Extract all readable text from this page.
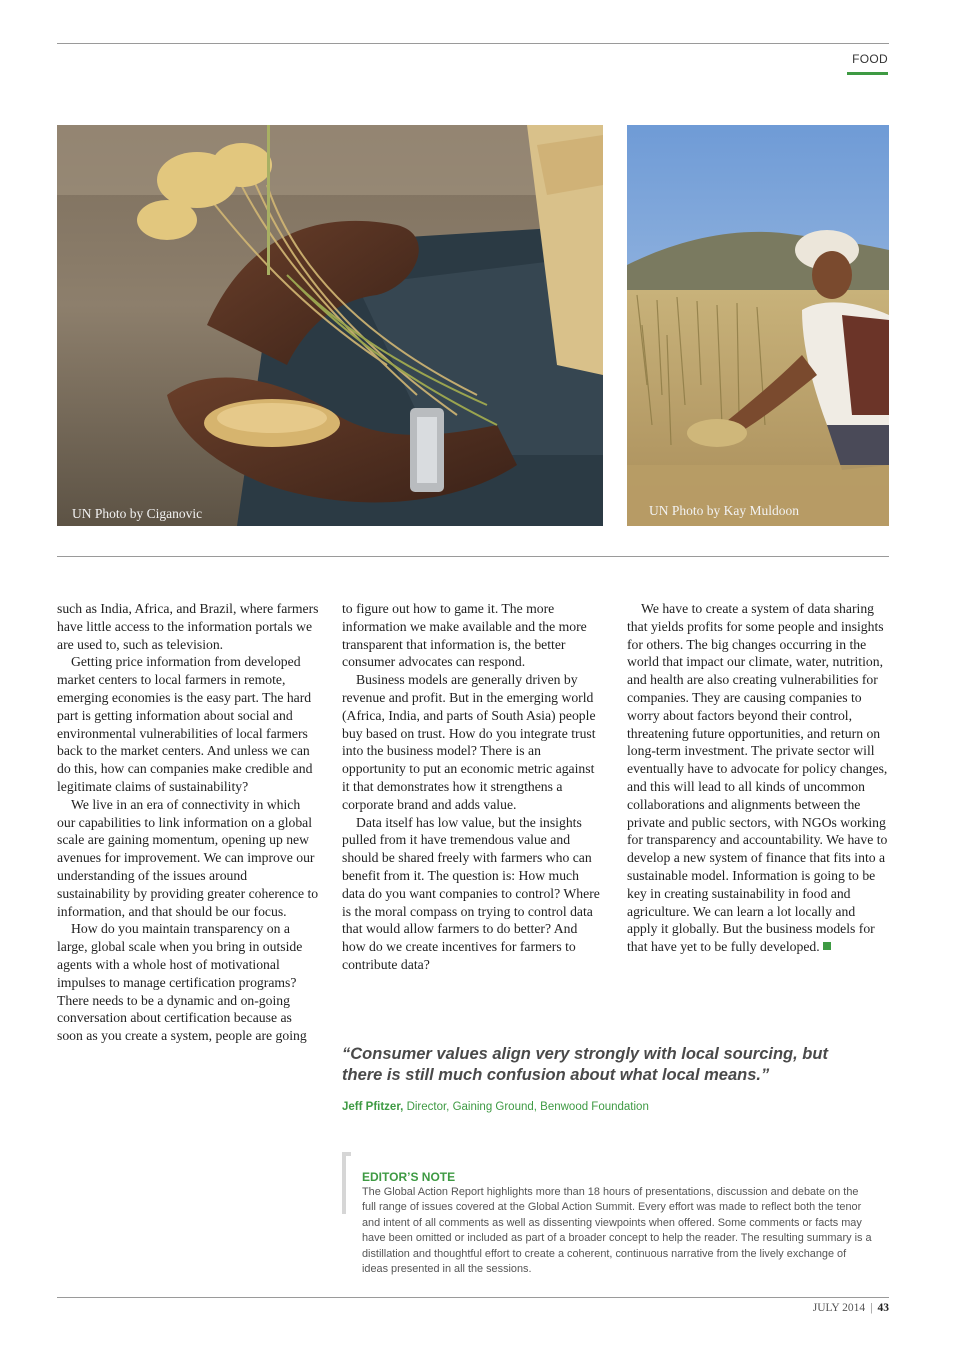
FOOD
UN Photo by Ciganovic	UN Photo by Kay Muldoon

such as India, Africa, and Brazil, where farmers have little access to the information portals we are used to, such as television.

Getting price information from developed market centers to local farmers in remote, emerging economies is the easy part. The hard part is getting information about social and environmental vulnerabilities of local farmers back to the market centers. And unless we can do this, how can companies make credible and legitimate claims of sustainability?

We live in an era of connectivity in which our capabilities to link information on a global scale are gaining momentum, opening up new avenues for improvement. We can improve our understanding of the issues around sustainability by providing greater coherence to information, and that should be our focus.

How do you maintain transparency on a large, global scale when you bring in outside agents with a whole host of motivational impulses to manage certification programs? There needs to be a dynamic and on-going conversation about certification because as soon as you create a system, people are going

to figure out how to game it. The more information we make available and the more transparent that information is, the better consumer advocates can respond.

Business models are generally driven by revenue and profit. But in the emerging world (Africa, India, and parts of South Asia) people buy based on trust. How do you integrate trust into the business model? There is an opportunity to put an economic metric against it that demonstrates how it strengthens a corporate brand and adds value.

Data itself has low value, but the insights pulled from it have tremendous value and should be shared freely with farmers who can benefit from it. The question is: How much data do you want companies to control? Where is the moral compass on trying to control data that would allow farmers to do better? And how do we create incentives for farmers to contribute data?

We have to create a system of data sharing that yields profits for some people and insights for others. The big changes occurring in the world that impact our climate, water, nutrition, and health are also creating vulnerabilities for companies. They are causing companies to worry about factors beyond their control, threatening future opportunities, and return on long-term investment. The private sector will eventually have to advocate for policy changes, and this will lead to all kinds of uncommon collaborations and alignments between the private and public sectors, with NGOs working for transparency and accountability. We have to develop a new system of finance that fits into a sustainable model. Information is going to be key in creating sustainability in food and agriculture. We can learn a lot locally and apply it globally. But the business models for that have yet to be fully developed.

“Consumer values align very strongly with local sourcing, but there is still much confusion about what local means.”
Jeff Pfitzer, Director, Gaining Ground, Benwood Foundation
EDITOR’S NOTE
The Global Action Report highlights more than 18 hours of presentations, discussion and debate on the full range of issues covered at the Global Action Summit. Every effort was made to reflect both the tenor and intent of all comments as well as dissenting viewpoints when offered. Some comments or facts may have been omitted or included as part of a broader concept to help the reader. The resulting summary is a distillation and thoughtful effort to create a coherent, continuous narrative from the lively exchange of ideas presented in all the sessions.
JULY 2014 | 43
